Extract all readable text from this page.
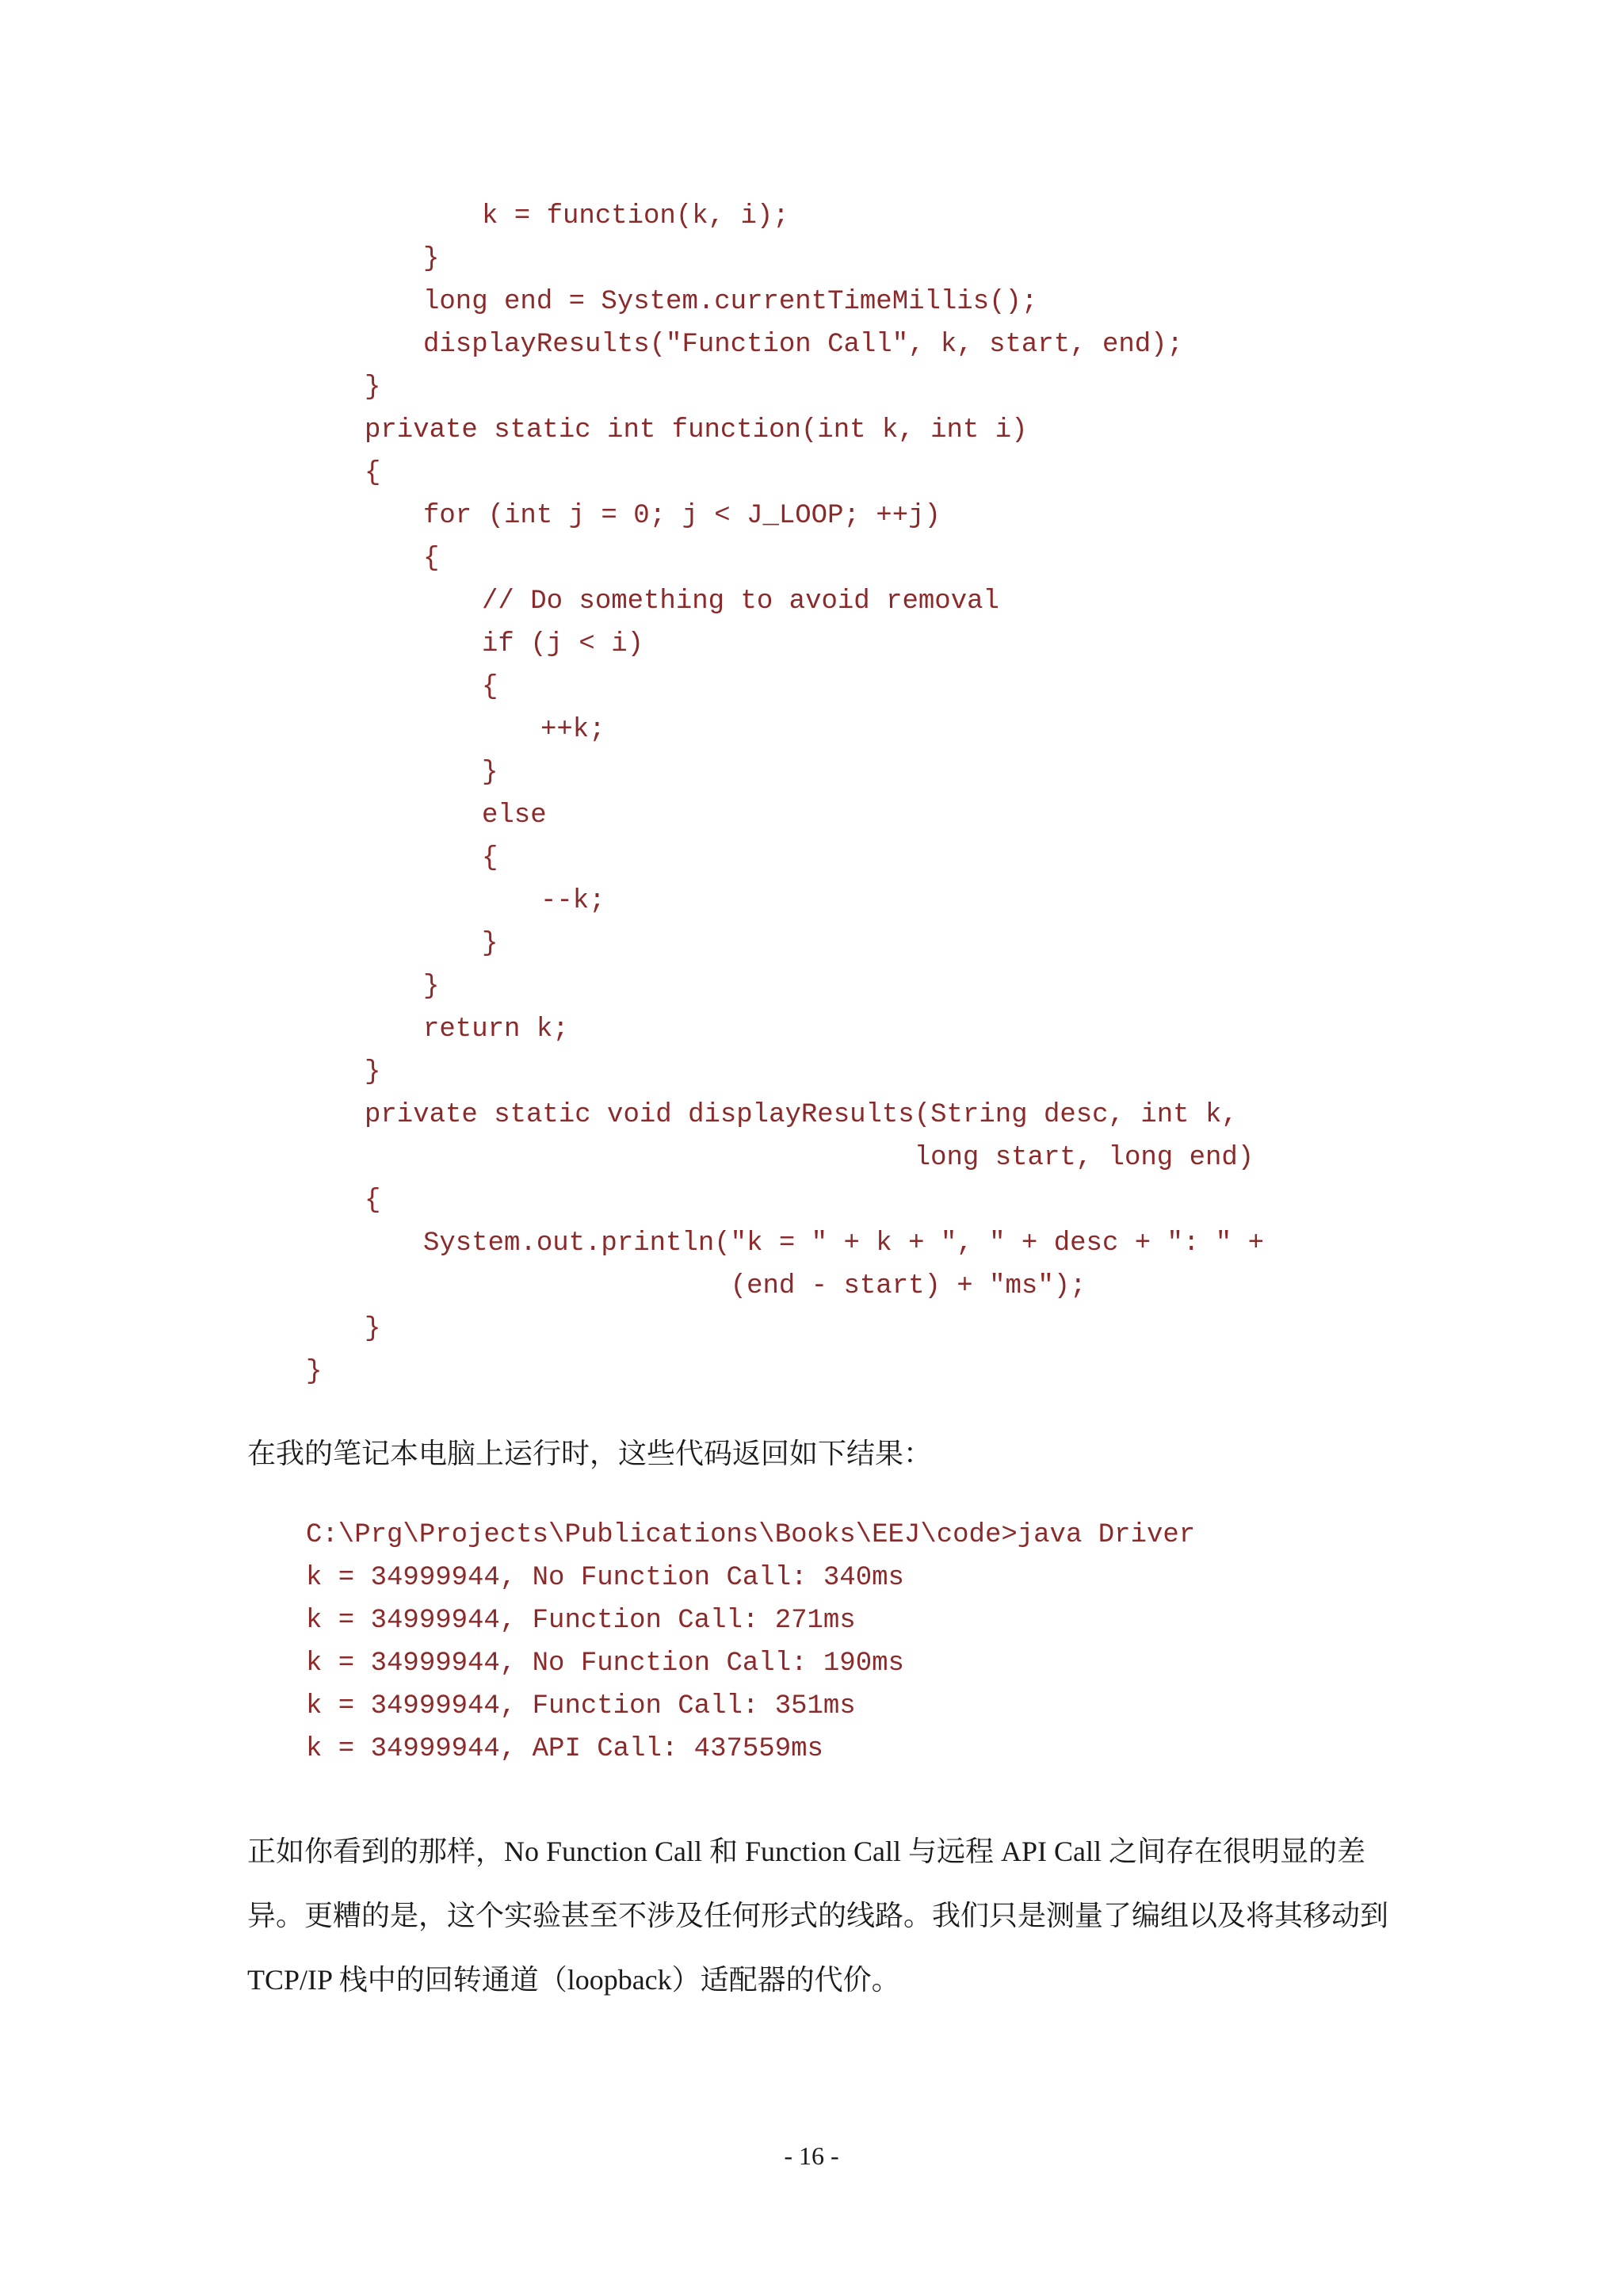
k = function(k, i);
}
long end = System.currentTimeMillis();
displayResults("Function Call", k, start, end);
}
private static int function(int k, int i)
{
for (int j = 0; j < J_LOOP; ++j)
{
// Do something to avoid removal
if (j < i)
{
++k;
}
else
{
--k;
}
}
return k;
}
private static void displayResults(String desc, int k,
long start, long end)
{
System.out.println("k = " + k + ", " + desc + ": " +
(end - start) + "ms");
}
}
在我的笔记本电脑上运行时，这些代码返回如下结果：
C:\Prg\Projects\Publications\Books\EEJ\code>java Driver
k = 34999944, No Function Call: 340ms
k = 34999944, Function Call: 271ms
k = 34999944, No Function Call: 190ms
k = 34999944, Function Call: 351ms
k = 34999944, API Call: 437559ms
正如你看到的那样，No Function Call 和 Function Call 与远程 API Call 之间存在很明显的差异。更糟的是，这个实验甚至不涉及任何形式的线路。我们只是测量了编组以及将其移动到 TCP/IP 栈中的回转通道（loopback）适配器的代价。
- 16 -
